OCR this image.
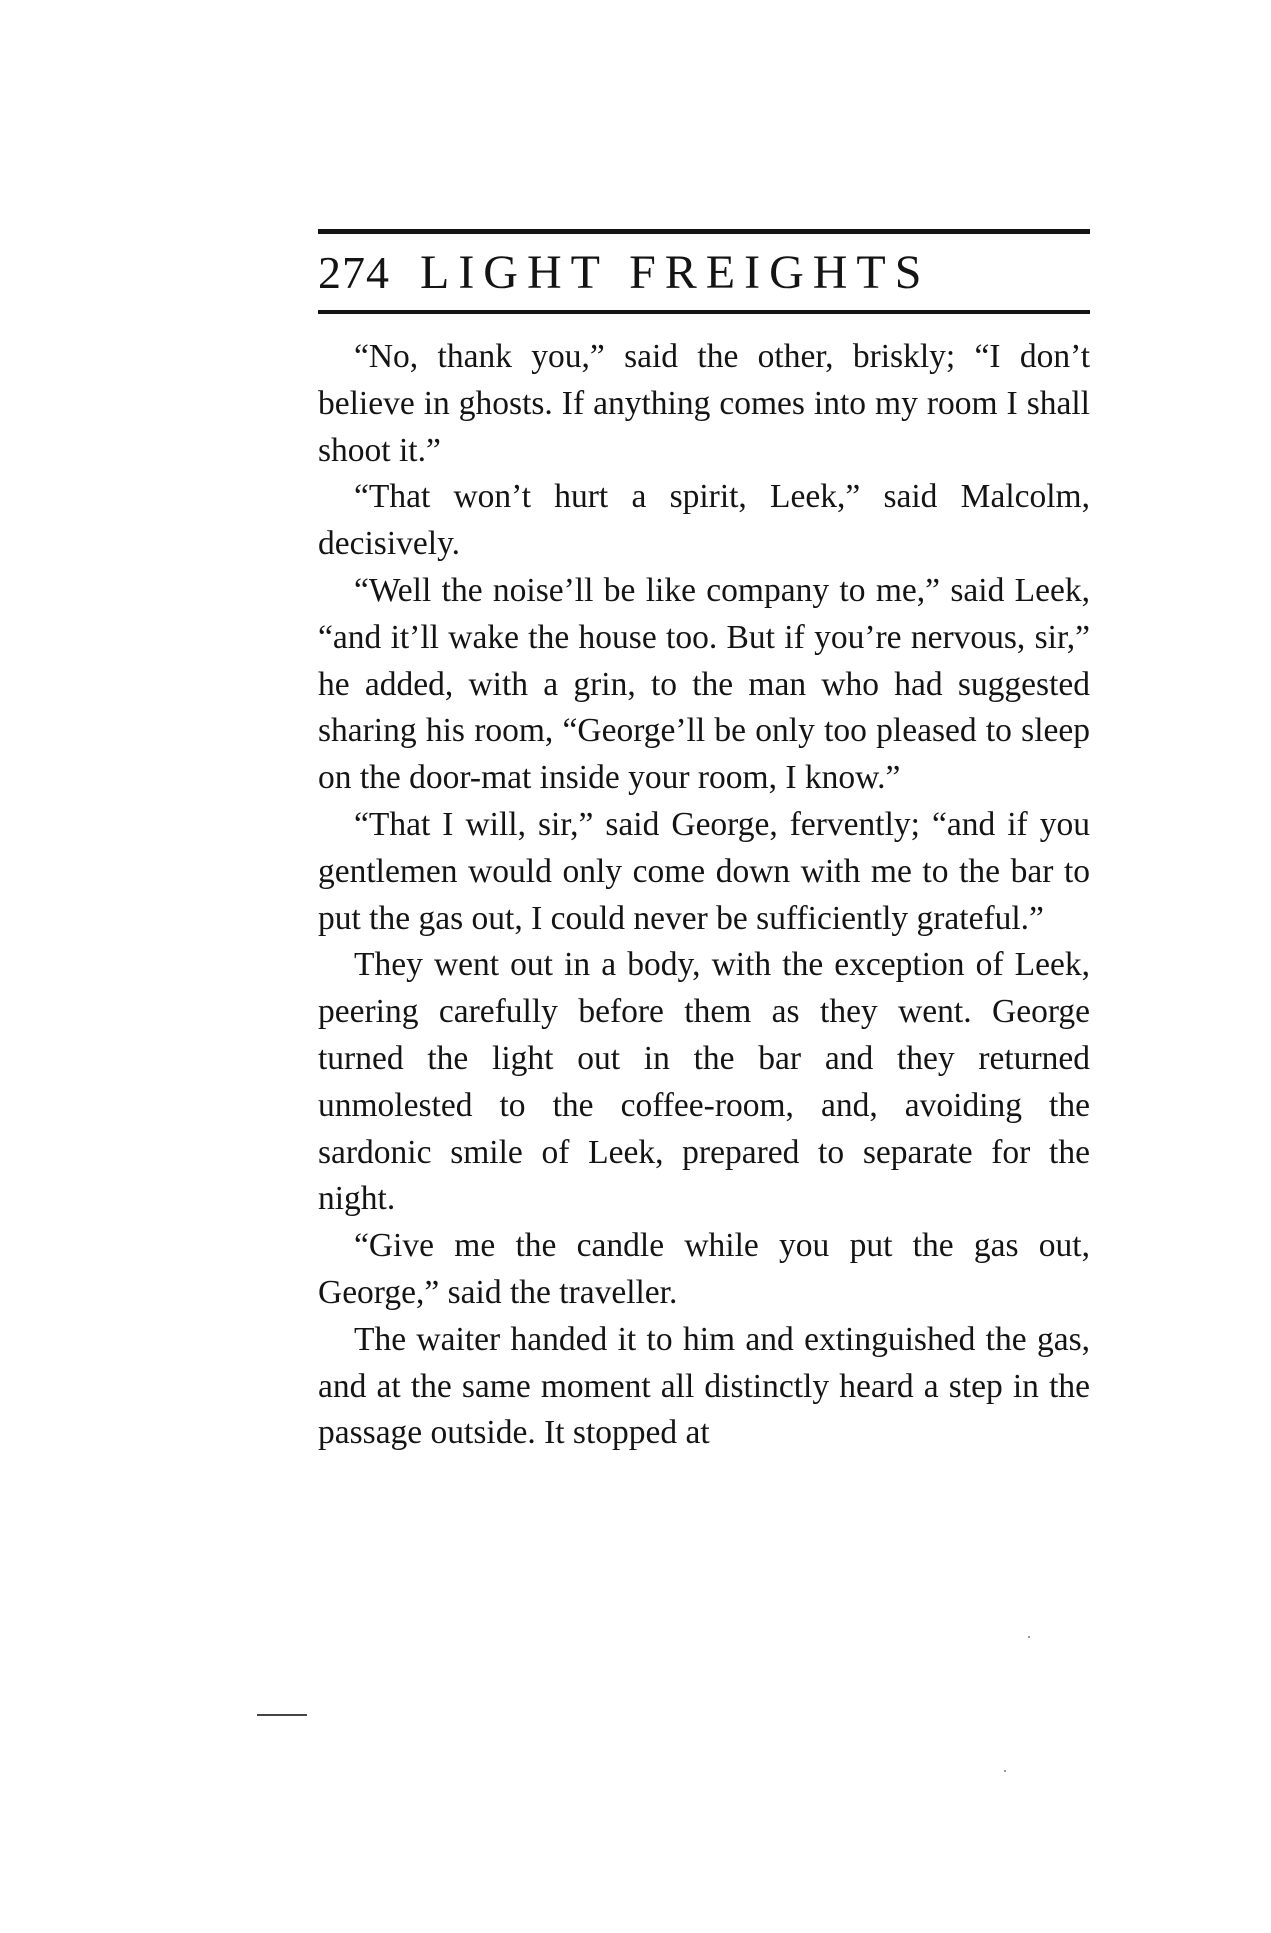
274 LIGHT FREIGHTS

“No, thank you,” said the other, briskly; “I don’t believe in ghosts. If anything comes into my room I shall shoot it.”

“That won’t hurt a spirit, Leek,” said Malcolm, decisively.

“Well the noise’ll be like company to me,” said Leek, “and it’ll wake the house too. But if you’re nervous, sir,” he added, with a grin, to the man who had suggested sharing his room, “George’ll be only too pleased to sleep on the door-mat inside your room, I know.”

“That I will, sir,” said George, fervently; “and if you gentlemen would only come down with me to the bar to put the gas out, I could never be sufficiently grateful.”

They went out in a body, with the exception of Leek, peering carefully before them as they went. George turned the light out in the bar and they returned unmolested to the coffee-room, and, avoiding the sardonic smile of Leek, prepared to separate for the night.

“Give me the candle while you put the gas out, George,” said the traveller.

The waiter handed it to him and extinguished the gas, and at the same moment all distinctly heard a step in the passage outside. It stopped at
